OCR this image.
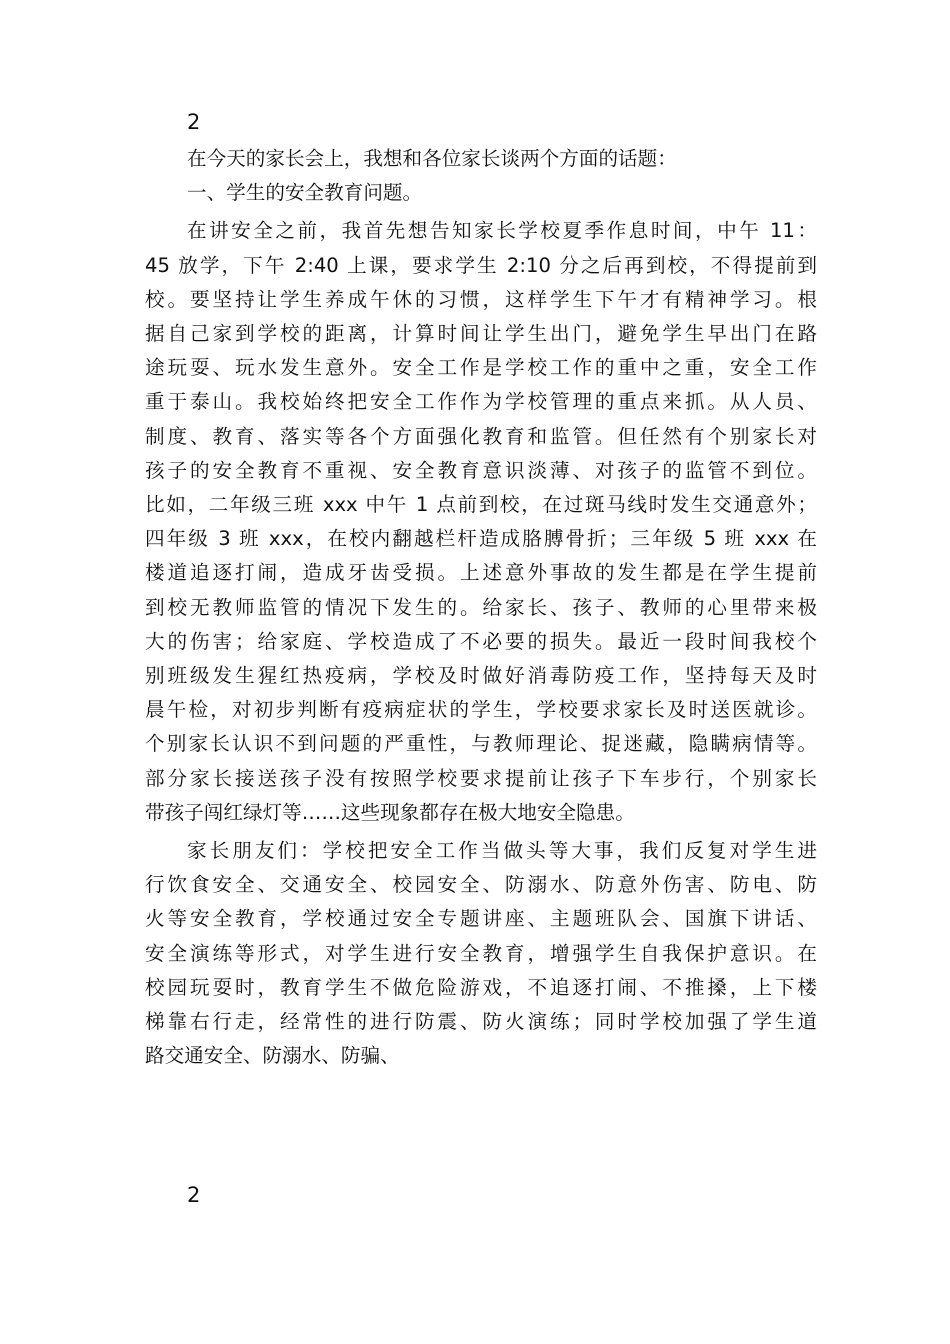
2
在今天的家长会上，我想和各位家长谈两个方面的话题：
一、学生的安全教育问题。
在讲安全之前，我首先想告知家长学校夏季作息时间，中午 11：
45 放学，下午 2:40 上课，要求学生 2:10 分之后再到校，不得提前到
校。要坚持让学生养成午休的习惯，这样学生下午才有精神学习。根
据自己家到学校的距离，计算时间让学生出门，避免学生早出门在路
途玩耍、玩水发生意外。安全工作是学校工作的重中之重，安全工作
重于泰山。我校始终把安全工作作为学校管理的重点来抓。从人员、
制度、教育、落实等各个方面强化教育和监管。但任然有个别家长对
孩子的安全教育不重视、安全教育意识淡薄、对孩子的监管不到位。
比如，二年级三班 xxx 中午 1 点前到校，在过斑马线时发生交通意外；
四年级 3 班 xxx，在校内翻越栏杆造成胳膊骨折；三年级 5 班 xxx 在
楼道追逐打闹，造成牙齿受损。上述意外事故的发生都是在学生提前
到校无教师监管的情况下发生的。给家长、孩子、教师的心里带来极
大的伤害；给家庭、学校造成了不必要的损失。最近一段时间我校个
别班级发生猩红热疫病，学校及时做好消毒防疫工作，坚持每天及时
晨午检，对初步判断有疫病症状的学生，学校要求家长及时送医就诊。
个别家长认识不到问题的严重性，与教师理论、捉迷藏，隐瞒病情等。
部分家长接送孩子没有按照学校要求提前让孩子下车步行，个别家长
带孩子闯红绿灯等……这些现象都存在极大地安全隐患。
家长朋友们：学校把安全工作当做头等大事，我们反复对学生进
行饮食安全、交通安全、校园安全、防溺水、防意外伤害、防电、防
火等安全教育，学校通过安全专题讲座、主题班队会、国旗下讲话、
安全演练等形式，对学生进行安全教育，增强学生自我保护意识。在
校园玩耍时，教育学生不做危险游戏，不追逐打闹、不推搡，上下楼
梯靠右行走，经常性的进行防震、防火演练；同时学校加强了学生道
路交通安全、防溺水、防骗、
2
